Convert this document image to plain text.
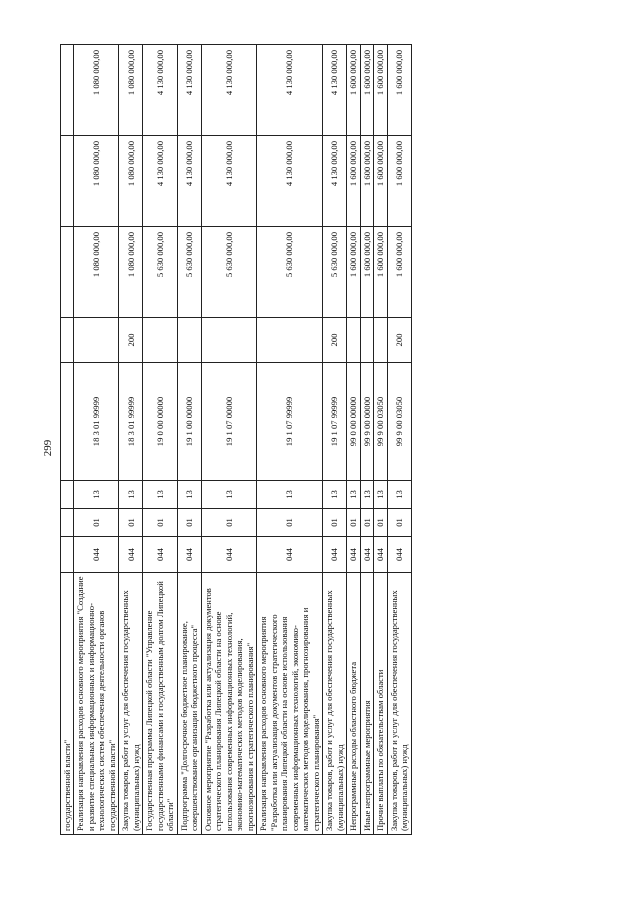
299
государственной власти"								
Реализация направления расходов основного мероприятия "Создание и развитие специальных информационных и информационно-технологических систем обеспечения деятельности органов государственной власти"	044	01	13	18 3 01 99999		1 080 000,00	1 080 000,00	1 080 000,00
Закупка товаров, работ и услуг для обеспечения государственных (муниципальных) нужд	044	01	13	18 3 01 99999	200	1 080 000,00	1 080 000,00	1 080 000,00
Государственная программа Липецкой области "Управление государственными финансами и государственным долгом Липецкой области"	044	01	13	19 0 00 00000		5 630 000,00	4 130 000,00	4 130 000,00
Подпрограмма "Долгосрочное бюджетное планирование, совершенствование организации бюджетного процесса"	044	01	13	19 1 00 00000		5 630 000,00	4 130 000,00	4 130 000,00
Основное мероприятие "Разработка или актуализация документов стратегического планирования Липецкой области на основе использования современных информационных технологий, экономико-математических методов моделирования, прогнозирования и стратегического планирования"	044	01	13	19 1 07 00000		5 630 000,00	4 130 000,00	4 130 000,00
Реализация направления расходов основного мероприятия "Разработка или актуализация документов стратегического планирования Липецкой области на основе использования современных информационных технологий, экономико-математических методов моделирования, прогнозирования и стратегического планирования"	044	01	13	19 1 07 99999		5 630 000,00	4 130 000,00	4 130 000,00
Закупка товаров, работ и услуг для обеспечения государственных (муниципальных) нужд	044	01	13	19 1 07 99999	200	5 630 000,00	4 130 000,00	4 130 000,00
Непрограммные расходы областного бюджета	044	01	13	99 0 00 00000		1 600 000,00	1 600 000,00	1 600 000,00
Иные непрограммные мероприятия	044	01	13	99 9 00 00000		1 600 000,00	1 600 000,00	1 600 000,00
Прочие выплаты по обязательствам области	044	01	13	99 9 00 03050		1 600 000,00	1 600 000,00	1 600 000,00
Закупка товаров, работ и услуг для обеспечения государственных (муниципальных) нужд	044	01	13	99 9 00 03050	200	1 600 000,00	1 600 000,00	1 600 000,00
